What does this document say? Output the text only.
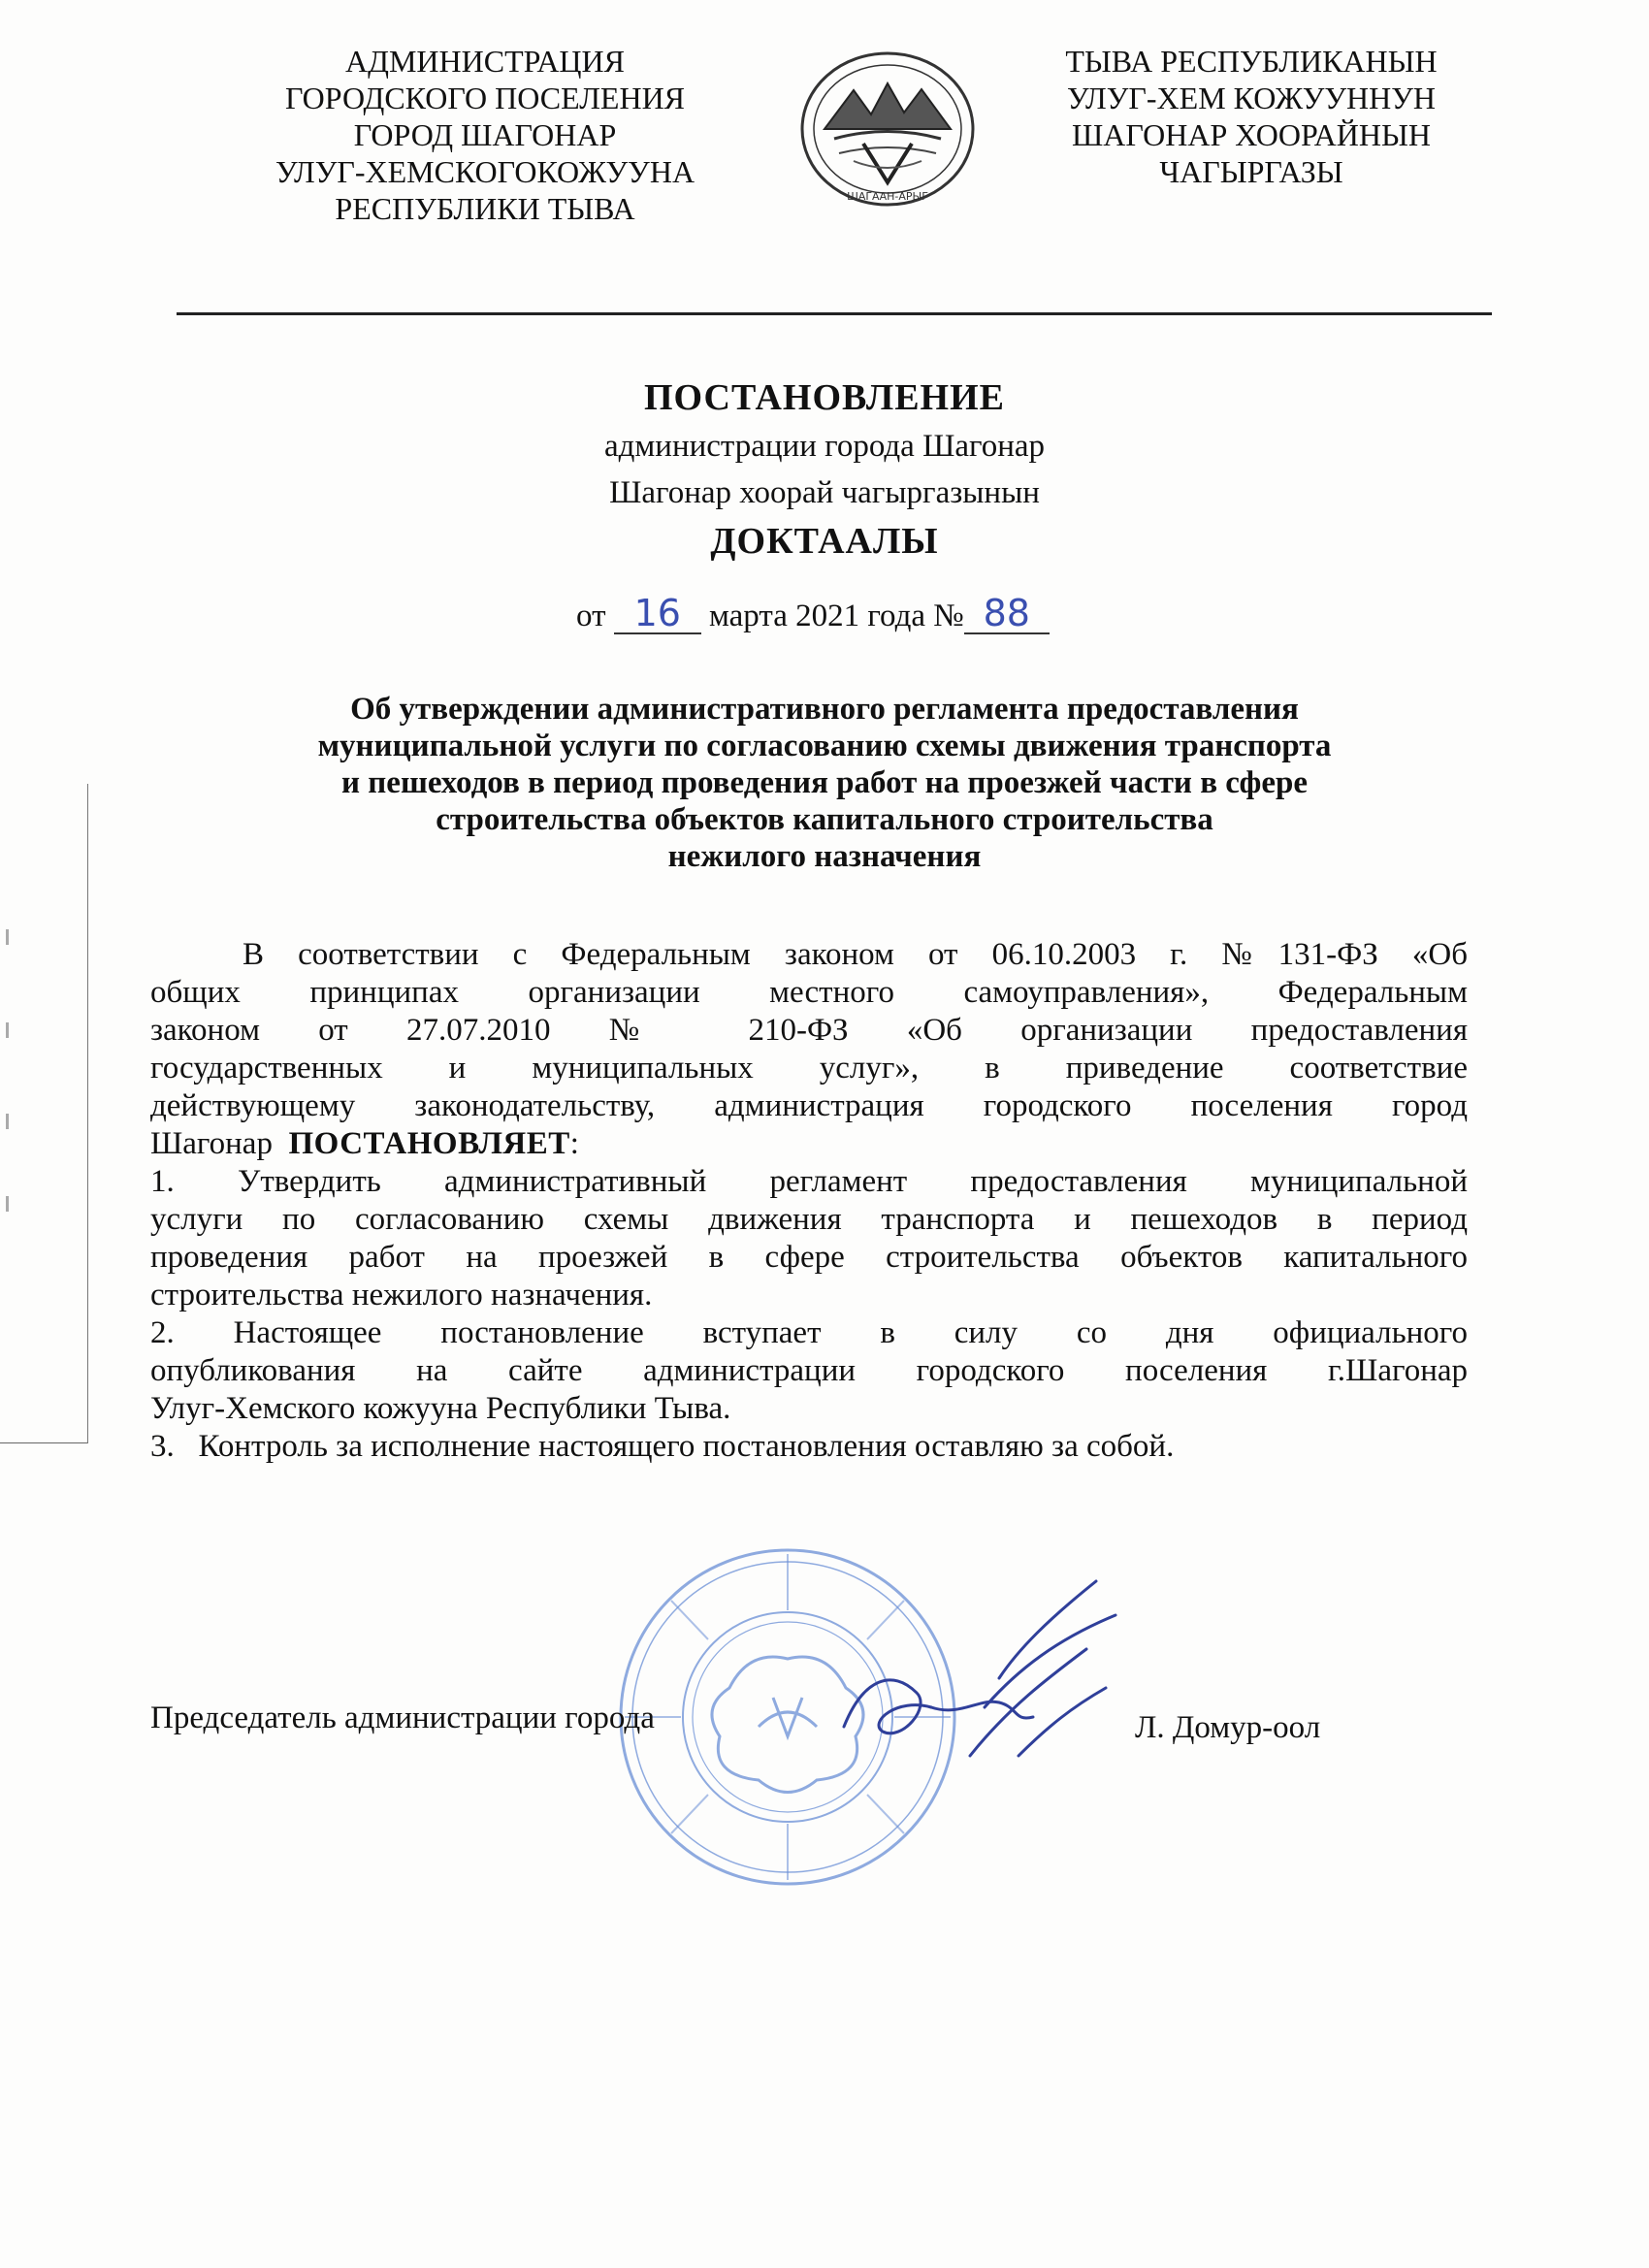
АДМИНИСТРАЦИЯ
ГОРОДСКОГО ПОСЕЛЕНИЯ
ГОРОД ШАГОНАР
УЛУГ-ХЕМСКОГОКОЖУУНА
РЕСПУБЛИКИ ТЫВА	ШАГААН-АРЫГ
ТЫВА РЕСПУБЛИКАНЫН
УЛУГ-ХЕМ КОЖУУННУН
ШАГОНАР ХООРАЙНЫН
ЧАГЫРГАЗЫ
ПОСТАНОВЛЕНИЕ
администрации города Шагонар
Шагонар хоорай чагыргазынын
ДОКТААЛЫ
от 16 марта 2021 года № 88
Об утверждении административного регламента предоставления
муниципальной услуги по согласованию схемы движения транспорта
и пешеходов в период проведения работ на проезжей части в сфере
строительства объектов капитального строительства
нежилого назначения
В соответствии с Федеральным законом от 06.10.2003 г. №131-ФЗ «Об
общих принципах организации местного самоуправления», Федеральным
законом от 27.07.2010 № 210-ФЗ «Об организации предоставления
государственных и муниципальных услуг», в приведение соответствие
действующему законодательству, администрация городского поселения город
Шагонар ПОСТАНОВЛЯЕТ:
1. Утвердить административный регламент предоставления муниципальной
услуги по согласованию схемы движения транспорта и пешеходов в период
проведения работ на проезжей в сфере строительства объектов капитального
строительства нежилого назначения.
2. Настоящее постановление вступает в силу со дня официального
опубликования на сайте администрации городского поселения г.Шагонар
Улуг-Хемского кожууна Республики Тыва.
3.   Контроль за исполнение настоящего постановления оставляю за собой.
Председатель администрации города	Л. Домур-оол
